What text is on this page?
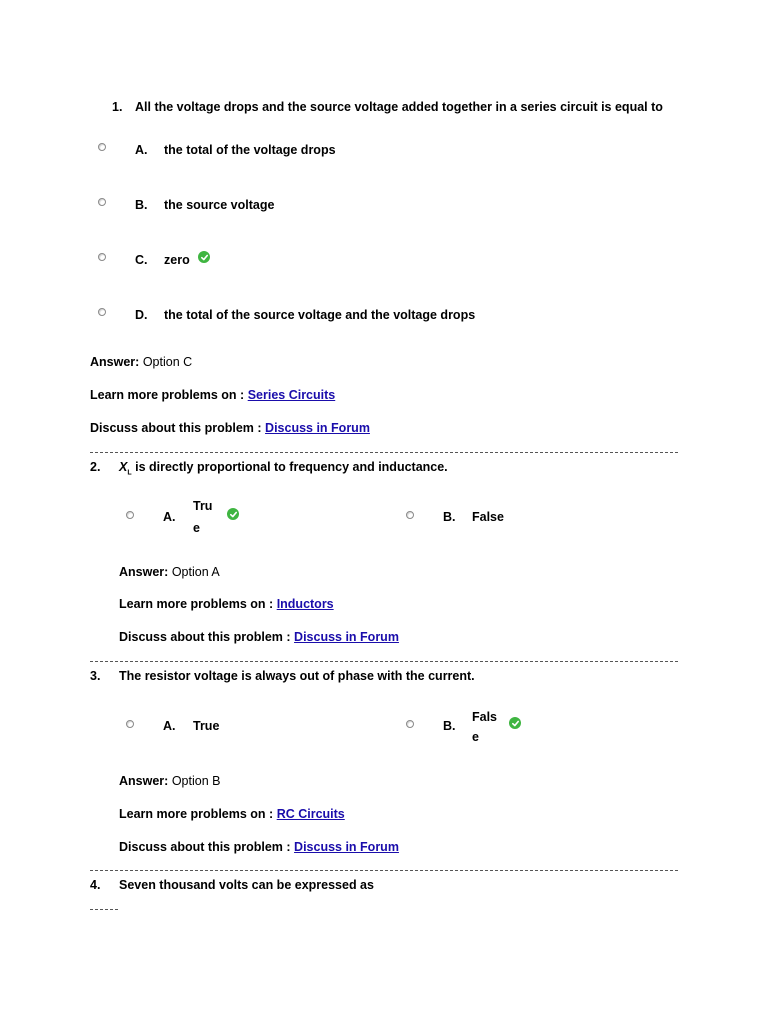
1. All the voltage drops and the source voltage added together in a series circuit is equal to
A. the total of the voltage drops
B. the source voltage
C. zero
D. the total of the source voltage and the voltage drops
Answer: Option C
Learn more problems on : Series Circuits
Discuss about this problem : Discuss in Forum
2. $X_L$ is directly proportional to frequency and inductance.
A.
Tru
e
B. False
Answer: Option A
Learn more problems on : Inductors
Discuss about this problem : Discuss in Forum
3. The resistor voltage is always out of phase with the current.
A. True	B.
Fals
e
Answer: Option B
Learn more problems on : RC Circuits
Discuss about this problem : Discuss in Forum
4. Seven thousand volts can be expressed as
